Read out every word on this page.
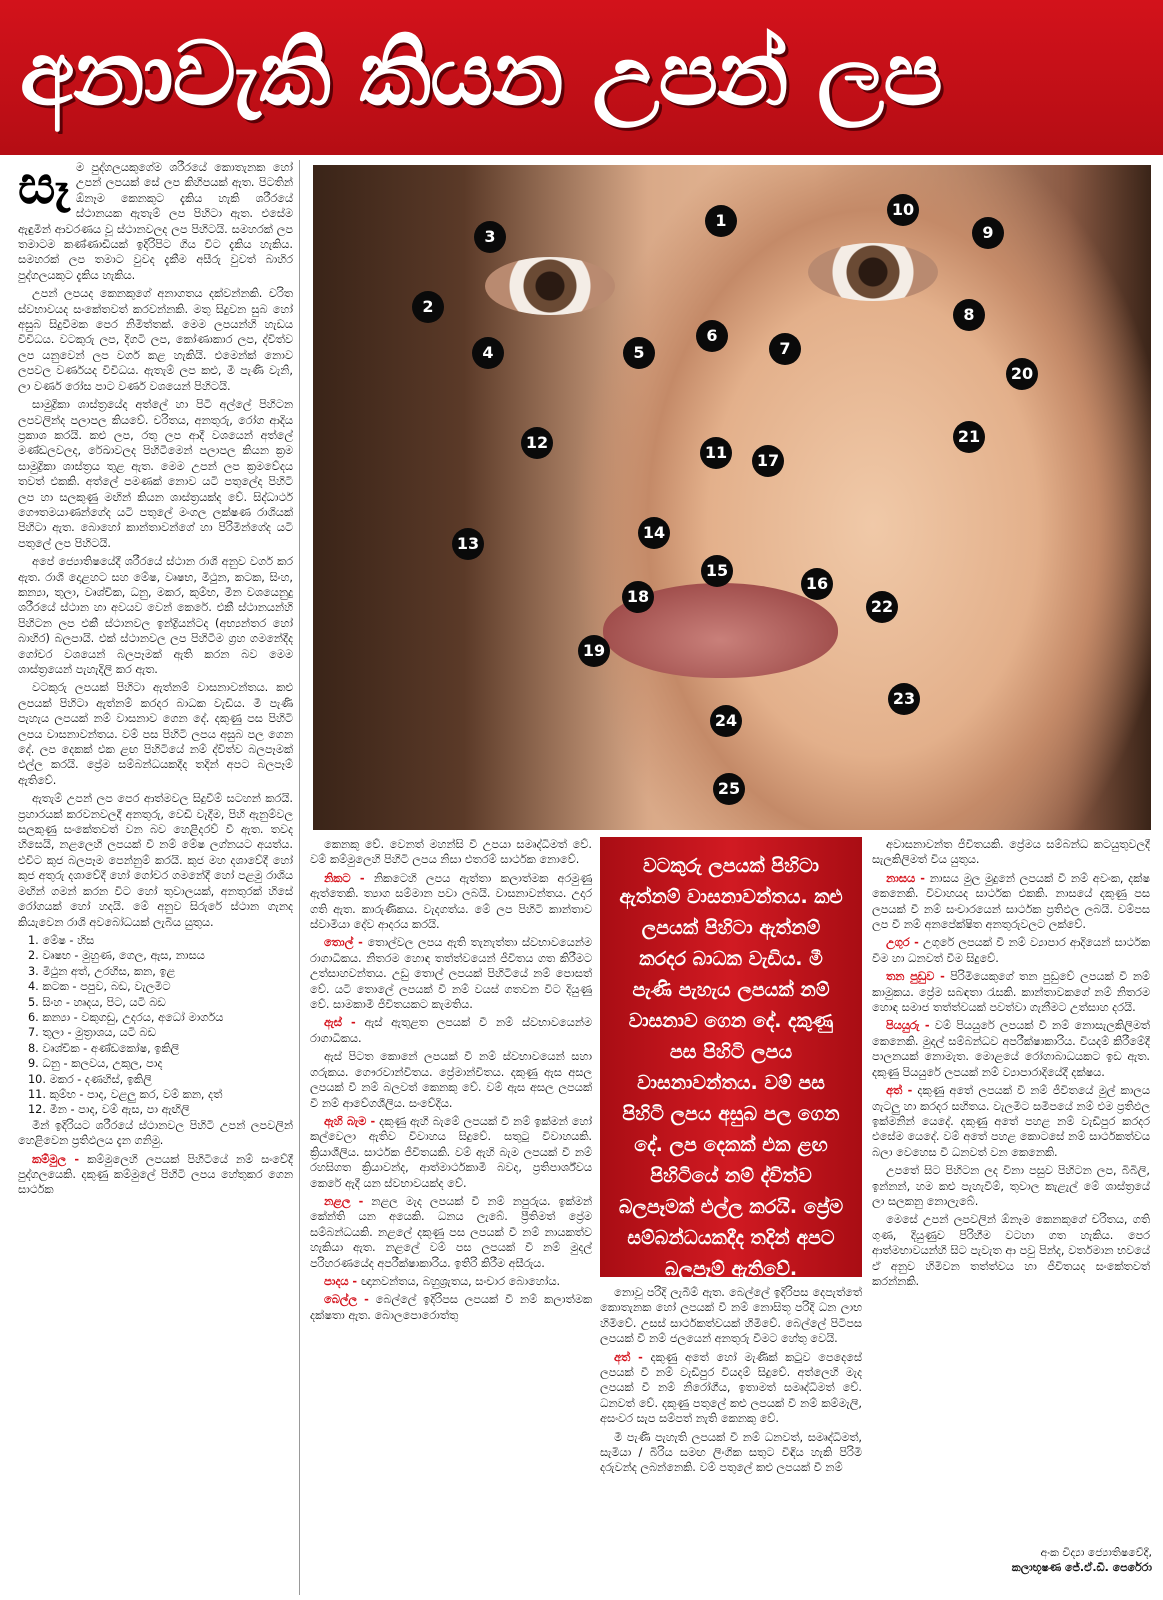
අනාවැකි කියන උපන් ලප
සෑ ම පුද්ගලයකුගේම ශරීරයේ කොතැනක හෝ උපන් ලපයක් සේ ලප කිහිපයක් ඇත. පිටතින් ඕනෑම කෙනකුට දැකිය හැකි ශරීරයේ ස්ථානයක ඇතැම් ලප පිහිටා ඇත. එසේම ඇඳුමින් ආවරණය වූ ස්ථානවලද ලප පිහිටයි. සමහරක් ලප තමාටම කණ්ණාඩියක් ඉදිරිපිට ගිය විට දැකිය හැකිය. සමහරක් ලප තමාට වුවද දැකීම අසීරු වුවත් බාහිර පුද්ගලයකුට දැකිය හැකිය.

උපන් ලපයද කෙනකුගේ අනාගතය දක්වන්නකි. චරිත ස්වභාවයද සංකේතවත් කරවන්නකි. මතු සිදුවන සුබ හෝ අසුබ සිදුවීමක පෙර නිමිත්තක්. මෙම ලපයන්හි හැඩය විවිධය. වටකුරු ලප, දිගටි ලප, කෝණාකාර ලප, ද්විත්ව ලප යනුවෙන් ලප වර්ග කළ හැකියි. එමෙන්ක් නොව ලපවල වර්ණයද විවිධය. ඇතැම් ලප කළු, මී පැණි වැනි, ලා වර්ණ රෝස පාට වර්ණ වශයෙන් පිහිටයි.

සාමුද්‍රිකා ශාස්ත්‍රයේද අත්ලේ හා පිටි අල්ලේ පිහිටන ලපවලින්ද පලාපල කියවේ. චරිතය, අනතුරු, රෝග ආදිය ප්‍රකාශ කරයි. කළු ලප, රතු ලප ආදී වශයෙන් අත්ලේ මණ්ඩලවලද, රේඛාවලද පිහිටීමෙන් පලාපල කියන ක්‍රම සාමුද්‍රිකා ශාස්ත්‍රය තුළ ඇත. මෙම උපන් ලප ක්‍රමවේදය තවත් එකකි. අත්ලේ පමණක් නොව යටි පතුලේද පිහිටි ලප හා සලකුණු මඟින් කියන ශාස්ත්‍රයක්ද වේ. සිද්ධාර්ථ ගෞතමයාණන්ගේද යටි පතුලේ මංගල ලක්ෂණ රාශියක් පිහිටා ඇත. බොහෝ කාන්තාවන්ගේ හා පිරිමින්ගේද යටි පතුලේ ලප පිහිටයි.

අපේ ජ්‍යොතිෂයේදී ශරීරයේ ස්ථාන රාශි අනුව වර්ග කර ඇත. රාශි දොළහට සහ මේෂ, වෘෂභ, මිථුන, කටක, සිංහ, කන්‍යා, තුලා, වෘශ්චික, ධනු, මකර, කුම්භ, මීන වශයෙනුදු ශරීරයේ ස්ථාන හා අවයව වෙන් කෙරේ. එකී ස්ථානයන්හි පිහිටන ලප එකී ස්ථානවල ඉන්ද්‍රියන්ටද (අභ්‍යන්තර හෝ බාහිර) බලපායි. එක් ස්ථානවල ලප පිහිටීම ග්‍රහ ගමනේදීද ගෝචර වශයෙන් බලපෑමක් ඇති කරන බව මෙම ශාස්ත්‍රයෙන් පැහැදිලි කර ඇත.

වටකුරු ලපයක් පිහිටා ඇත්නම් වාසනාවන්තය. කළු ලපයක් පිහිටා ඇත්නම් කරදර බාධක වැඩිය. මී පැණි පැහැය ලපයක් නම් වාසනාව ගෙන දේ. දකුණු පස පිහිටි ලපය වාසනාවන්තය. වම් පස පිහිටි ලපය අසුබ පල ගෙන දේ. ලප දෙකක් එක ළඟ පිහිටියේ නම් ද්විත්ව බලපෑමක් එල්ල කරයි. ප්‍රේම සම්බන්ධයකදීද තදින් අපට බලපෑම් ඇතිවේ.

ඇතැම් උපන් ලප පෙර ආත්මවල සිදුවීම් සටහන් කරයි. ප්‍රහාරයක් කරවනවලදී අනතුරු, වෙඩි වැදීම, පිහි ඇනුම්වල සලකුණු සංකේතවත් වන බව හෙළිදරව් වී ඇත. තවද හිසෙයි, නළලෙහි ලපයක් වී නම් මේෂ ලග්නයට අයත්ය. එවිට කුජ බලපෑම පෙන්නුම් කරයි. කුජ මහ දශාවේදී හෝ කුජ අතුරු දශාවේදී හෝ ගෝචර ගමනේදී හෝ පළමු රාශිය මඟින් ගමන් කරන විට හෝ තුවාලයක්, අනතුරක් හිසේ රෝගයක් හෝ හදයි. මේ අනුව සිරුරේ ස්ථාන ගැනද කියැවෙන රාශි අවබෝධයක් ලැබිය යුතුය.

1. මේෂ - හිස
2. වෘෂභ - මුහුණ, ගෙල, ඇස, නාසය
3. මිථුන අත්, උරහිස, කන, ඉළ
4. කටක - පපුව, බඩ, වැලමිට
5. සිංහ - හෘදය, පිට, යටි බඩ
6. කන්‍යා - වකුගඩු, උදරය, අධෝ මාර්ගය
7. තුලා - මුත්‍රාශය, යටි බඩ
8. වෘශ්චික - අණ්ඩකෝෂ, ඉකිලි
9. ධනු - කලවය, උකුල, පාද
10. මකර - දණහිස්, ඉකිලි
11. කුම්භ - පාද, වළලු කර, වම් කන, දත්
12. මීන - පාද, වම් ඇස, පා ඇඟිලි

මීන් ඉදිරියට ශරීරයේ ස්ථානවල පිහිටි උපන් ලපවලින් හෙළිවෙන ප්‍රතිඵලය දැන ගනිමු.

කම්මුල - කම්මුලෙහි ලපයක් පිහිටියේ නම් සංවේදී පුද්ගලයෙකි. දකුණු කම්මුලේ පිහිටි ලපය හේතුකර ගෙන සාර්ථක

1
2
3
4	5
6
7
8
9
10
11
12
13
14
15
16
17
18
19
20
21
22
23
24
25

කෙනකු වේ. වෙනත් මහන්සි වී උපයා සමෘද්ධිමත් වේ. වම් කම්මුලෙහි පිහිටි ලපය නිසා එතරම් සාර්ථක නොවේ.

නිකට - නිකටෙහි ලපය ඇත්තා කලාත්මක අරමුණු ඇත්තෙකි. ත්‍යාග සම්මාන පවා ලබයි. වාසනාවන්තය. උදාර ගති ඇත. කාරුණිකය. වැදගත්ය. මේ ලප පිහිටි කාන්තාව ස්වාමියා දේව ආදරය කරයි.

තොල් - තොල්වල ලපය ඇති තැනැත්තා ස්වභාවයෙන්ම රාගාධිකය. නිතරම හොඳ තත්ත්වයෙන් ජීවිතය ගත කිරීමට උත්සාහවන්තය. උඩු තොල් ලපයක් පිහිටියේ නම් පොසත් වේ. යටි තොලේ ලපයක් වී නම් වයස් ගතවන විට දියුණු වේ. සාමකාමී ජීවිතයකට කැමතිය.

ඇස් - ඇස් ඇතුළත ලපයක් වී නම් ස්වභාවයෙන්ම රාගාධිකය.

ඇස් පිටත කොනේ ලපයක් වී නම් ස්වභාවයෙන් සහා ගරුකය. ගෞරවාන්විතය. ප්‍රේමාන්විතය. දකුණු ඇස අසල ලපයක් වී නම් බලවත් කෙනකු වේ. වම් ඇස අසල ලපයක් වී නම් ආවේගශීලිය. සංවේදිය.

ඇහි බැම - දකුණු ඇහි බැමේ ලපයක් වී නම් ඉක්මන් හෝ කල්වෙලා ඇතිව විවාහය සිදුවේ. සතුටු විවාහයකි. ක්‍රියාශීලිය. සාර්ථක ජීවිතයකි. වම් ඇහි බැම ලපයක් වී නම් රහසිගත ක්‍රියාවන්ද, ආත්මාර්ථකාමී බවද, ප්‍රතිපාර්ශ්වය කෙරේ ඇදී යන ස්වභාවයක්ද වේ.

නළල - නළල මැද ලපයක් වී නම් නපුරුය. ඉක්මන් කේන්ති යන අයෙකි. ධනය ලැබේ. ප්‍රීතිමත් ප්‍රේම සම්බන්ධයකි. නළලේ දකුණු පස ලපයක් වී නම් නායකත්ව හැකියා ඇත. නළලේ වම් පස ලපයක් වී නම් මුදල් පරිහරණයේද අපරීක්ෂාකාරිය. ඉතිරි කිරීම අසීරුය.

පාදය - ඥානවන්තය, බහුශ්‍රැතය, සංචාර බොහෝය.

බෙල්ල - බෙල්ලේ ඉදිරිපස ලපයක් වී නම් කලාත්මක දක්ෂතා ඇත. බොලපොරොත්තු

වටකුරු ලපයක් පිහිටා ඇත්නම් වාසනාවන්තය. කළු ලපයක් පිහිටා ඇත්නම් කරදර බාධක වැඩිය. මී පැණි පැහැය ලපයක් නම් වාසනාව ගෙන දේ. දකුණු පස පිහිටි ලපය වාසනාවන්තය. වම් පස පිහිටි ලපය අසුබ පල ගෙන දේ. ලප දෙකක් එක ළඟ පිහිටියේ නම් ද්විත්ව බලපෑමක් එල්ල කරයි. ප්‍රේම සම්බන්ධයකදීද තදින් අපට බලපෑම් ඇතිවේ.

නොවූ පරිදි ලැබීම් ඇත. බෙල්ලේ ඉදිරිපස දෙපැත්තේ කොතැනක හෝ ලපයක් වී නම් නොසිතූ පරිදි ධන ලාභ හිමිවේ. උසස් සාර්ථකත්වයක් හිමිවේ. බෙල්ලේ පිටිපස ලපයක් වී නම් ජලයෙන් අනතුරු වීමට හේතු වෙයි.

අත් - දකුණු අතේ හෝ මැණික් කටුව පෙදෙසේ ලපයක් වී නම් වැඩිපුර වියදම් සිදුවේ. අත්ලෙහි මැද ලපයක් වී නම් නිරෝගීය, ඉතාමත් සමෘද්ධිමත් වේ. ධනවත් වේ. දකුණු පතුලේ කළු ලපයක් වී නම් කම්මැලි, අසංවර සැප සම්පත් නැති කෙනකු වේ.

මී පැණි පැහැති ලපයක් වී නම් ධනවත්, සමෘද්ධිමත්, සැමියා / බිරිය සමඟ ලිංගික සතුට විඳිය හැකි පිරිමි දරුවන්ද ලබන්නෙකි. වම් පතුලේ කළු ලපයක් වී නම්

අවාසනාවන්ත ජීවිතයකි. ප්‍රේමය සම්බන්ධ කටයුතුවලදී සැලකිලිමත් විය යුතුය.

නාසය - නාසය මුල මුදුනේ ලපයක් වී නම් අවංක, දක්ෂ කෙනෙකි. විවාහයද සාර්ථක එකකි. නාසයේ දකුණු පස ලපයක් වී නම් සංචාරයෙන් සාර්ථක ප්‍රතිඵල ලබයි. වම්පස ලප වී නම් අනපේක්ෂිත අනතුරුවලට ලක්වේ.

උගුර - උගුරේ ලපයක් වී නම් ව්‍යාපාර ආදියෙන් සාර්ථක වීම හා ධනවත් වීම සිදුවේ.

තන පුඩුව - පිරිමියෙකුගේ තන පුඩුවේ ලපයක් වී නම් කාමුකය. ප්‍රේම සබඳතා රැසකි. කාන්තාවකගේ නම් නිතරම හොඳ සමාජ තත්ත්වයක් පවත්වා ගැනීමට උත්සාහ දරයි.

පියයුරු - වම් පියයුරේ ලපයක් වී නම් නොසැලකිලිමත් කෙනෙකි. මුදල් සම්බන්ධව අපරීක්ෂාකාරිය. වියදම් කිරීමේදී පාලනයක් නොමැත. මොළයේ රෝගාබාධයකට ඉඩ ඇත. දකුණු පියයුරේ ලපයක් නම් ව්‍යාපාරාදියේදී දක්ෂය.

අත් - දකුණු අතේ ලපයක් වී නම් ජීවිතයේ මුල් කාලය ගැටලු හා කරදර සහිතය. වැලමිට සමීපයේ නම් එම ප්‍රතිඵල ඉක්මනින් යෙදේ. දකුණු අතේ පහළ නම් වැඩිපුර කරදර එසේම යෙදේ. වම් අතේ පහළ කොටසේ නම් සාර්ථකත්වය බලා වෙහෙස වී ධනවත් වන කෙනෙකි.

උපතේ සිට පිහිටන ලද විනා පසුව පිහිටන ලප, බිබිලි, ඉන්නන්, හම කළු පැහැවීම්, තුවාල කැළැල් මේ ශාස්ත්‍රයේ ලා සලකනු නොලැබේ.

මෙසේ උපන් ලපවලින් ඕනෑම කෙනකුගේ චරිතය, ගති ගුණ, දියුණුව පිරිහීම වටහා ගත හැකිය. පෙර ආත්මභාවයන්හි සිට පැවැත ආ පවු පින්ද, වර්තමාන භවයේ ඒ අනුව හිමිවන තත්ත්වය හා ජීවිතයද සංකේතවත් කරන්නකි.

අංක විද්‍යා ජ්‍යොතිෂවේදී,
කලාභූෂණ ජේ.ඒ.ඩී. පෙරේරා
